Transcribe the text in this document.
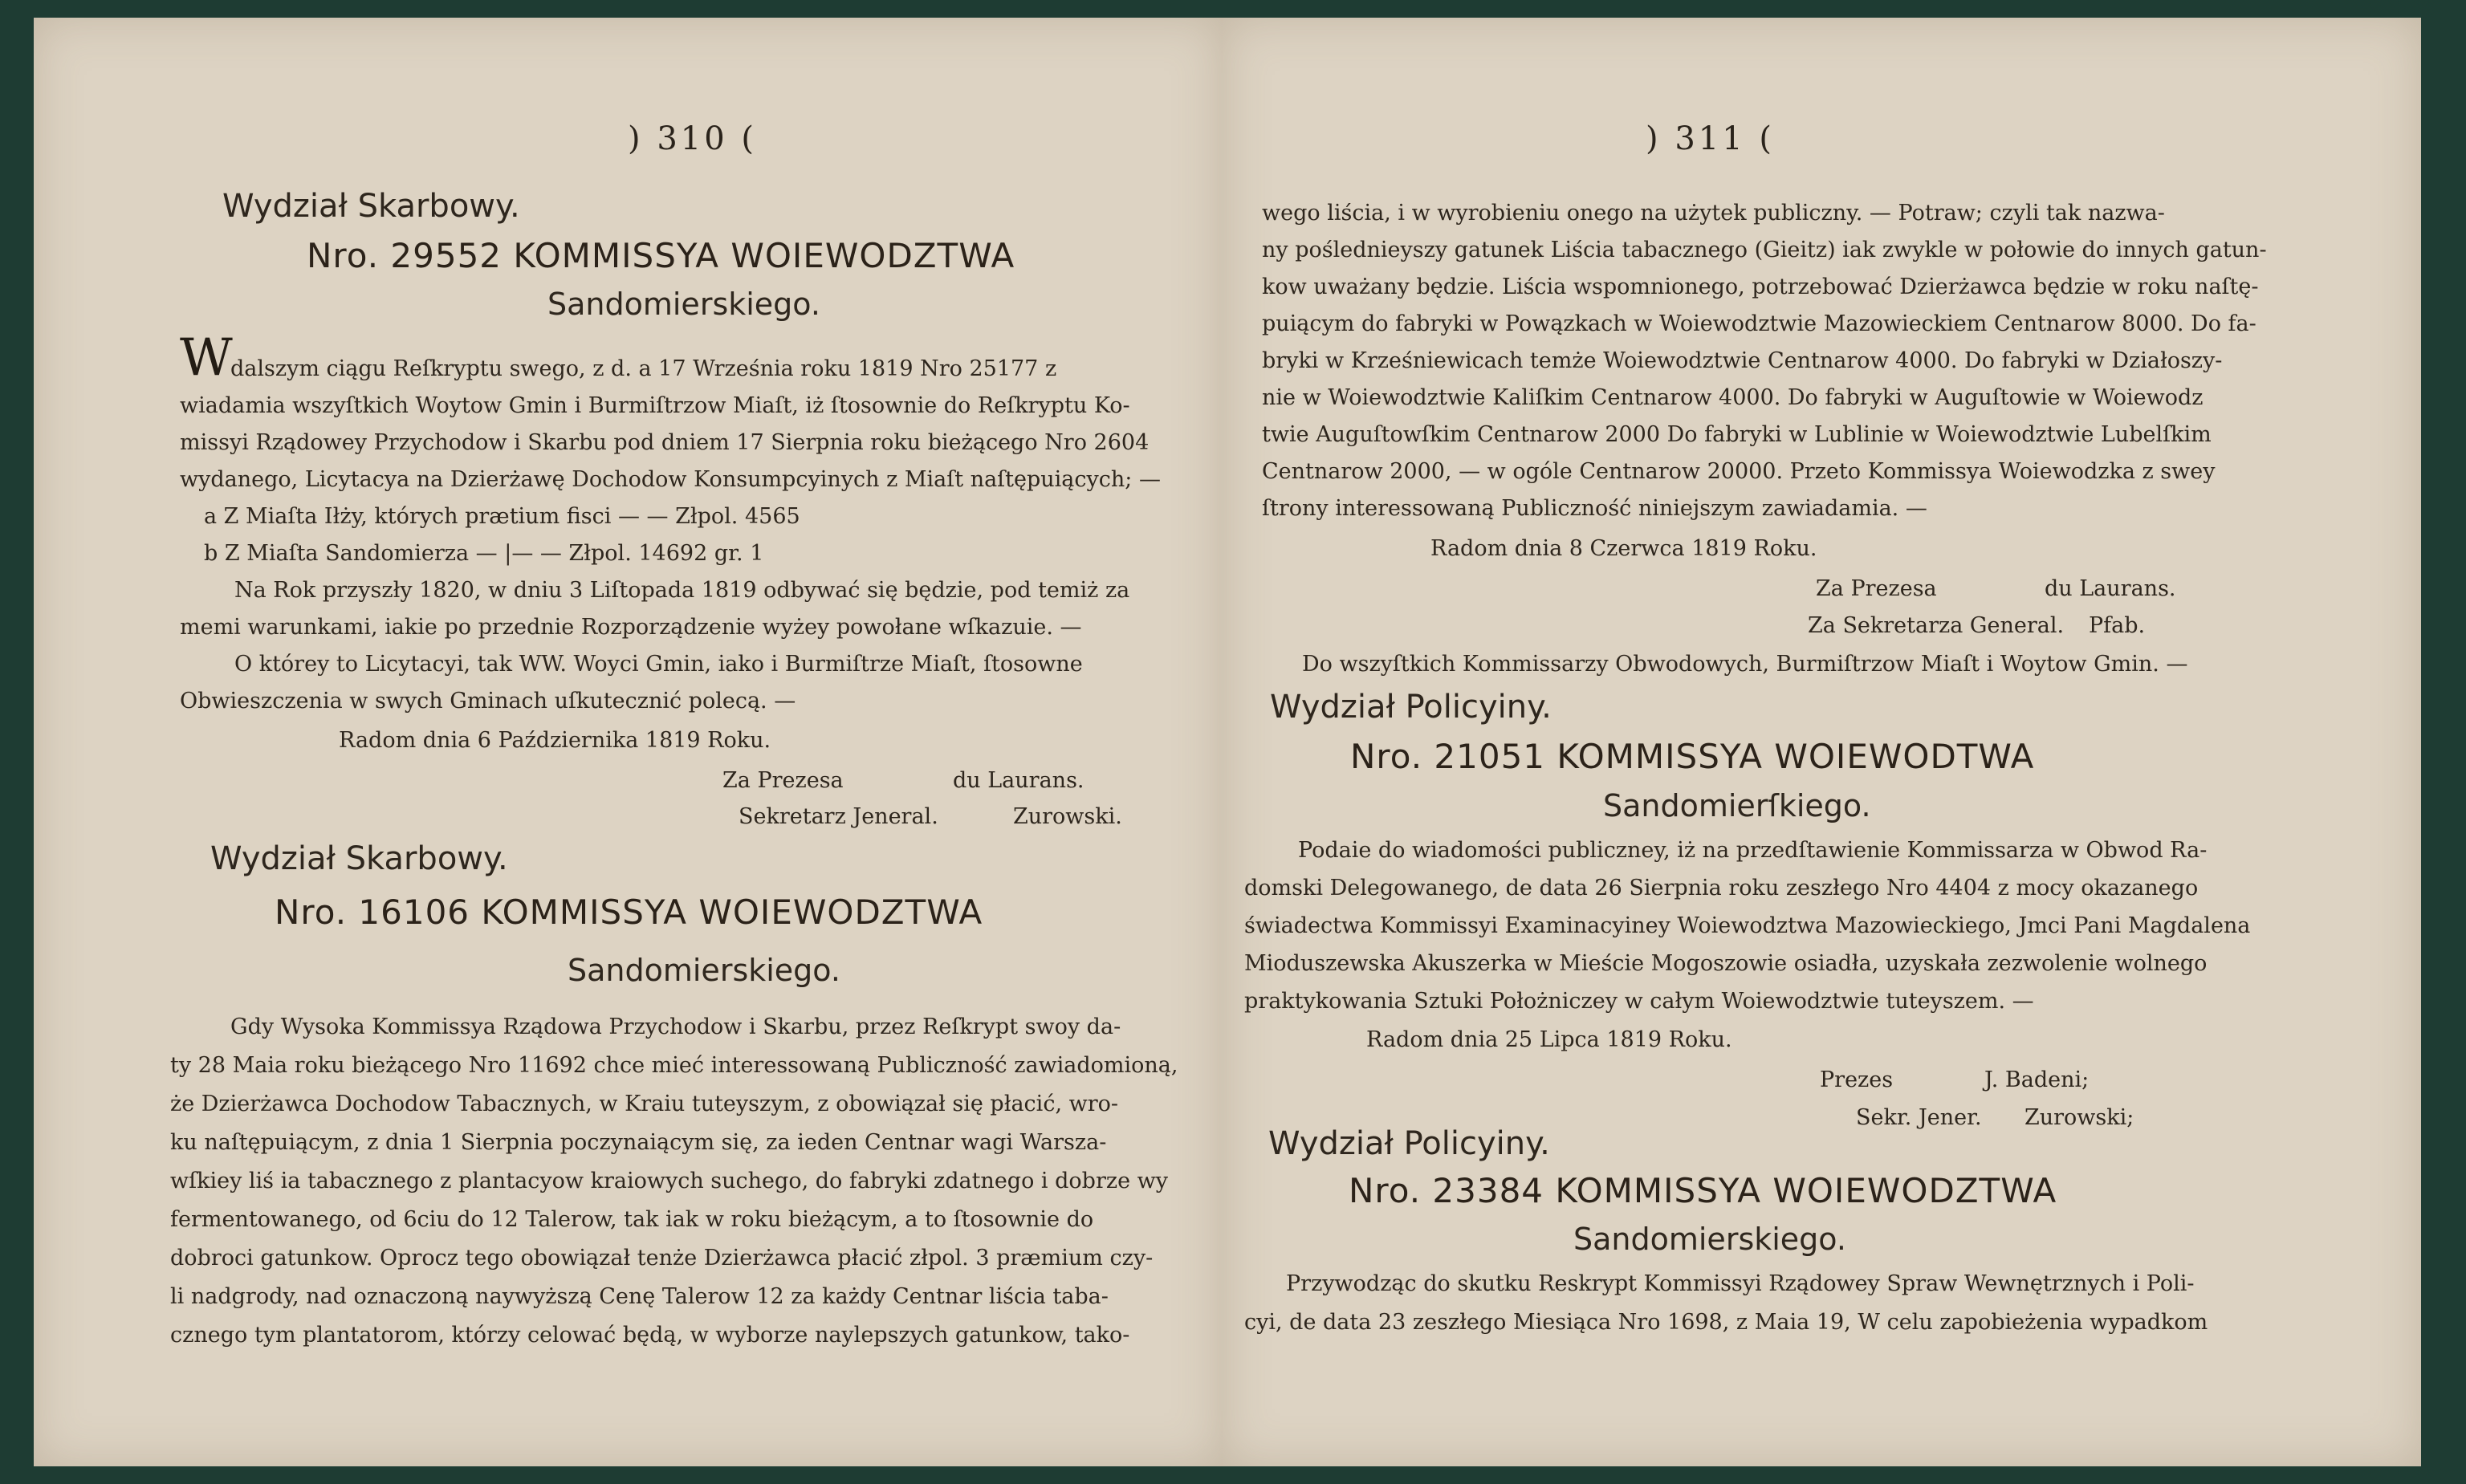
) 310 (
Wydział Skarbowy.
Nro. 29552 KOMMISSYA WOIEWODZTWA
Sandomierskiego.
W
dalszym ciągu Reſkryptu swego, z d. a 17 Września roku 1819 Nro 25177 z
wiadamia wszyſtkich Woytow Gmin i Burmiſtrzow Miaſt, iż ſtosownie do Reſkryptu Ko-
missyi Rządowey Przychodow i Skarbu pod dniem 17 Sierpnia roku bieżącego Nro 2604
wydanego, Licytacya na Dzierżawę Dochodow Konsumpcyinych z Miaſt naſtępuiących; —
a Z Miaſta Iłży, których prætium fisci — — Złpol. 4565
b Z Miaſta Sandomierza — |— — Złpol. 14692 gr. 1
Na Rok przyszły 1820, w dniu 3 Liſtopada 1819 odbywać się będzie, pod temiż za
memi warunkami, iakie po przednie Rozporządzenie wyżey powołane wſkazuie. —
O którey to Licytacyi, tak WW. Woyci Gmin, iako i Burmiſtrze Miaſt, ſtosowne
Obwieszczenia w swych Gminach uſkutecznić polecą. —
Radom dnia 6 Października 1819 Roku.
Za Prezesa	du Laurans.
Sekretarz Jeneral.	Zurowski.
Wydział Skarbowy.
Nro. 16106 KOMMISSYA WOIEWODZTWA
Sandomierskiego.
Gdy Wysoka Kommissya Rządowa Przychodow i Skarbu, przez Reſkrypt swoy da-
ty 28 Maia roku bieżącego Nro 11692 chce mieć interessowaną Publiczność zawiadomioną,
że Dzierżawca Dochodow Tabacznych, w Kraiu tuteyszym, z obowiązał się płacić, wro-
ku naſtępuiącym, z dnia 1 Sierpnia poczynaiącym się, za ieden Centnar wagi Warsza-
wſkiey liś ia tabacznego z plantacyow kraiowych suchego, do fabryki zdatnego i dobrze wy
fermentowanego, od 6ciu do 12 Talerow, tak iak w roku bieżącym, a to ſtosownie do
dobroci gatunkow. Oprocz tego obowiązał tenże Dzierżawca płacić złpol. 3 præmium czy-
li nadgrody, nad oznaczoną naywyższą Cenę Talerow 12 za każdy Centnar liścia taba-
cznego tym plantatorom, którzy celować będą, w wyborze naylepszych gatunkow, tako-
) 311 (
wego liścia, i w wyrobieniu onego na użytek publiczny. — Potraw; czyli tak nazwa-
ny poślednieyszy gatunek Liścia tabacznego (Gieitz) iak zwykle w połowie do innych gatun-
kow uważany będzie. Liścia wspomnionego, potrzebować Dzierżawca będzie w roku naſtę-
puiącym do fabryki w Powązkach w Woiewodztwie Mazowieckiem Centnarow 8000. Do fa-
bryki w Krześniewicach temże Woiewodztwie Centnarow 4000. Do fabryki w Działoszy-
nie w Woiewodztwie Kaliſkim Centnarow 4000. Do fabryki w Auguſtowie w Woiewodz
twie Auguſtowſkim Centnarow 2000 Do fabryki w Lublinie w Woiewodztwie Lubelſkim
Centnarow 2000, — w ogóle Centnarow 20000. Przeto Kommissya Woiewodzka z swey
ſtrony interessowaną Publiczność niniejszym zawiadamia. —
Radom dnia 8 Czerwca 1819 Roku.
Za Prezesa	du Laurans.
Za Sekretarza General. Pfab.
Do wszyſtkich Kommissarzy Obwodowych, Burmiſtrzow Miaſt i Woytow Gmin. —
Wydział Policyiny.
Nro. 21051 KOMMISSYA WOIEWODTWA
Sandomierſkiego.
Podaie do wiadomości publiczney, iż na przedſtawienie Kommissarza w Obwod Ra-
domski Delegowanego, de data 26 Sierpnia roku zeszłego Nro 4404 z mocy okazanego
świadectwa Kommissyi Examinacyiney Woiewodztwa Mazowieckiego, Jmci Pani Magdalena
Mioduszewska Akuszerka w Mieście Mogoszowie osiadła, uzyskała zezwolenie wolnego
praktykowania Sztuki Położniczey w całym Woiewodztwie tuteyszem. —
Radom dnia 25 Lipca 1819 Roku.
Prezes	J. Badeni;
Sekr. Jener. Zurowski;
Wydział Policyiny.
Nro. 23384 KOMMISSYA WOIEWODZTWA
Sandomierskiego.
Przywodząc do skutku Reskrypt Kommissyi Rządowey Spraw Wewnętrznych i Poli-
cyi, de data 23 zeszłego Miesiąca Nro 1698, z Maia 19, W celu zapobieżenia wypadkom
